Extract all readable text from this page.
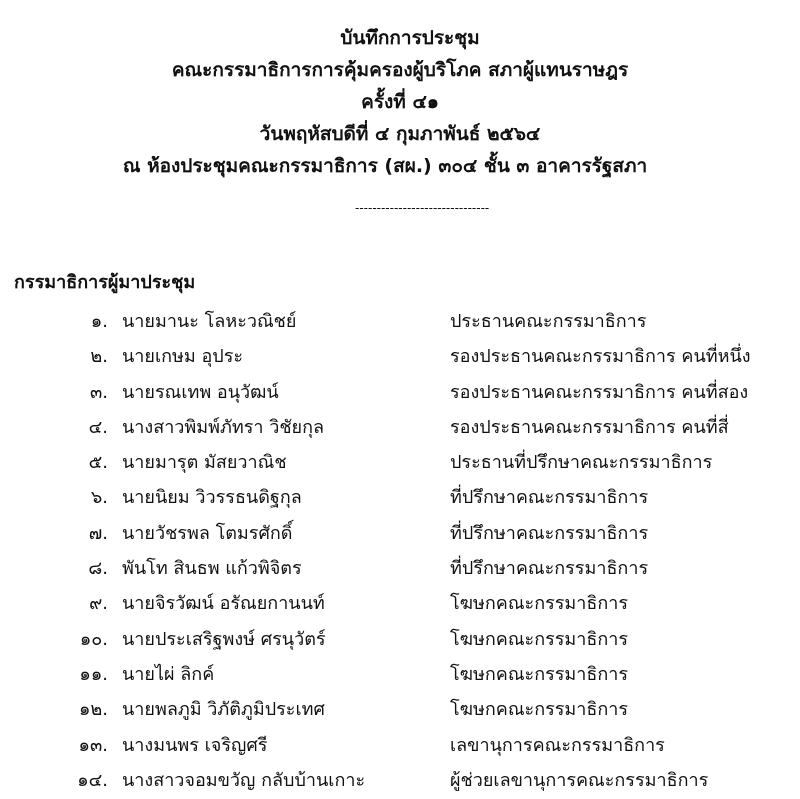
บันทึกการประชุม
คณะกรรมาธิการการคุ้มครองผู้บริโภค สภาผู้แทนราษฎร
ครั้งที่ ๔๑
วันพฤหัสบดีที่ ๔ กุมภาพันธ์ ๒๕๖๔
ณ ห้องประชุมคณะกรรมาธิการ (สผ.) ๓๐๔ ชั้น ๓ อาคารรัฐสภา
-------------------------------
กรรมาธิการผู้มาประชุม
๑. นายมานะ โลหะวณิชย์	ประธานคณะกรรมาธิการ
๒. นายเกษม อุประ	รองประธานคณะกรรมาธิการ คนที่หนึ่ง
๓. นายรณเทพ อนุวัฒน์	รองประธานคณะกรรมาธิการ คนที่สอง
๔. นางสาวพิมพ์ภัทรา วิชัยกุล	รองประธานคณะกรรมาธิการ คนที่สี่
๕. นายมารุต มัสยวาณิช	ประธานที่ปรึกษาคณะกรรมาธิการ
๖. นายนิยม วิวรรธนดิฐกุล	ที่ปรึกษาคณะกรรมาธิการ
๗. นายวัชรพล โตมรศักดิ์	ที่ปรึกษาคณะกรรมาธิการ
๘. พันโท สินธพ แก้วพิจิตร	ที่ปรึกษาคณะกรรมาธิการ
๙. นายจิรวัฒน์ อรัณยกานนท์	โฆษกคณะกรรมาธิการ
๑๐. นายประเสริฐพงษ์ ศรนุวัตร์	โฆษกคณะกรรมาธิการ
๑๑. นายไผ่ ลิกค์	โฆษกคณะกรรมาธิการ
๑๒. นายพลภูมิ วิภัติภูมิประเทศ	โฆษกคณะกรรมาธิการ
๑๓. นางมนพร เจริญศรี	เลขานุการคณะกรรมาธิการ
๑๔. นางสาวจอมขวัญ กลับบ้านเกาะ	ผู้ช่วยเลขานุการคณะกรรมาธิการ
